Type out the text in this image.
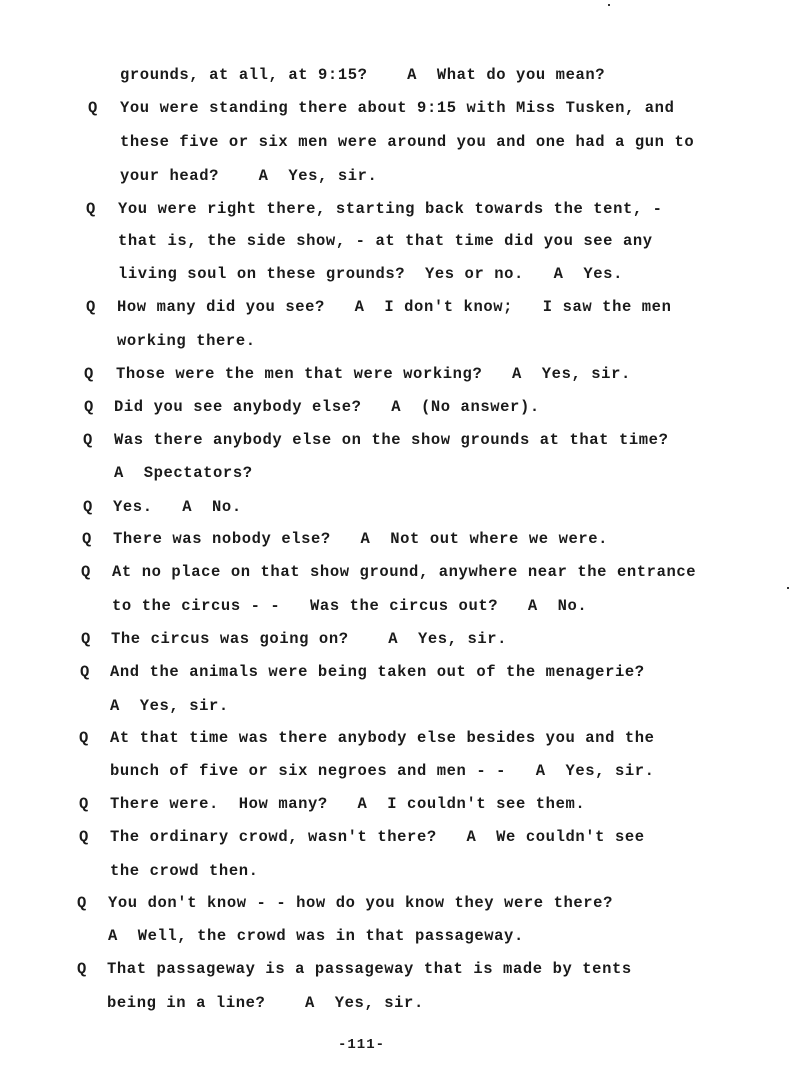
grounds, at all, at 9:15?    A  What do you mean?
Q You were standing there about 9:15 with Miss Tusken, and
these five or six men were around you and one had a gun to
your head?    A  Yes, sir.
Q You were right there, starting back towards the tent, -
that is, the side show, - at that time did you see any
living soul on these grounds?  Yes or no.   A  Yes.
Q How many did you see?   A  I don't know;   I saw the men
working there.
Q Those were the men that were working?   A  Yes, sir.
Q Did you see anybody else?   A  (No answer).
Q Was there anybody else on the show grounds at that time?
A  Spectators?
Q Yes.   A  No.
Q There was nobody else?   A  Not out where we were.
Q At no place on that show ground, anywhere near the entrance
to the circus - -   Was the circus out?   A  No.
Q The circus was going on?    A  Yes, sir.
Q And the animals were being taken out of the menagerie?
A  Yes, sir.
Q At that time was there anybody else besides you and the
bunch of five or six negroes and men - -   A  Yes, sir.
Q There were.  How many?   A  I couldn't see them.
Q The ordinary crowd, wasn't there?   A  We couldn't see
the crowd then.
Q You don't know - - how do you know they were there?
A  Well, the crowd was in that passageway.
Q That passageway is a passageway that is made by tents
being in a line?    A  Yes, sir.
-111-
